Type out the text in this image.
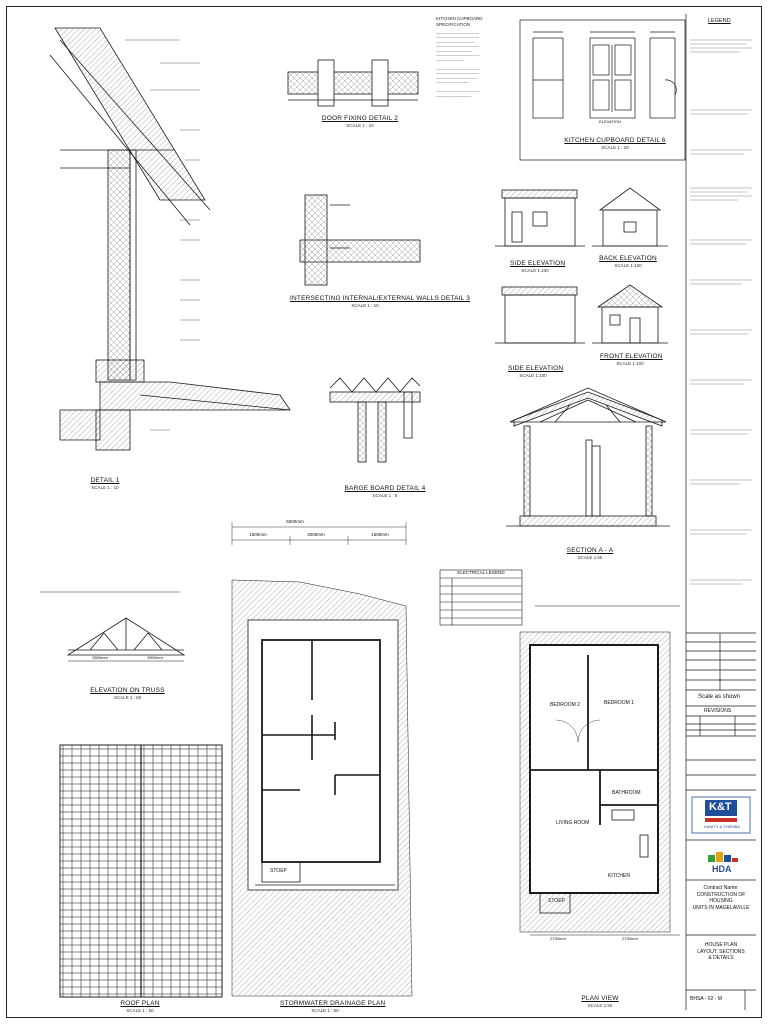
DETAIL 1
SCALE 1 : 10
DOOR FIXING DETAIL 2
SCALE 1 : 10
INTERSECTING INTERNAL/EXTERNAL WALLS DETAIL 3
SCALE 1 : 10
BARGE BOARD DETAIL 4
SCALE 1 : 5
ELEVATION
KITCHEN CUPBOARD DETAIL 6
SCALE 1 : 20
KITCHEN CUPBOARD SPECIFICATION
─────────────────
─────────────────
───────────────
─────────────────
──────────────
─────────────────
───────────

─────────────────
─────────────────
────────────────
─────────────

─────────────────
──────────────
SIDE ELEVATION
SCALE 1:100
BACK ELEVATION
SCALE 1:100
SIDE ELEVATION
SCALE 1:100
FRONT ELEVATION
SCALE 1:100
SECTION A - A
SCALE 1:50
6000mm
1500mm	3000mm	1500mm
3500mm	3500mm
ELEVATION ON TRUSS
SCALE 1 : 50
ROOF PLAN
SCALE 1 : 50
STORMWATER DRAINAGE PLAN
SCALE 1 : 50
PLAN VIEW
SCALE 1:50
ELECTRICAL LEGEND
BEDROOM 2	BEDROOM 1
BATHROOM
LIVING ROOM
KITCHEN
STOEP
STOEP
2730mm	2730mm
LEGEND
Scale as shown
REVISIONS
K&T
KANITY & THEMBA
HDA
Contract Name:
CONSTRUCTION OF HOUSING
UNITS IN MAGELAVILLE
HOUSE PLAN
LAYOUT, SECTIONS
& DETAILS
BHSA - 02 - M
